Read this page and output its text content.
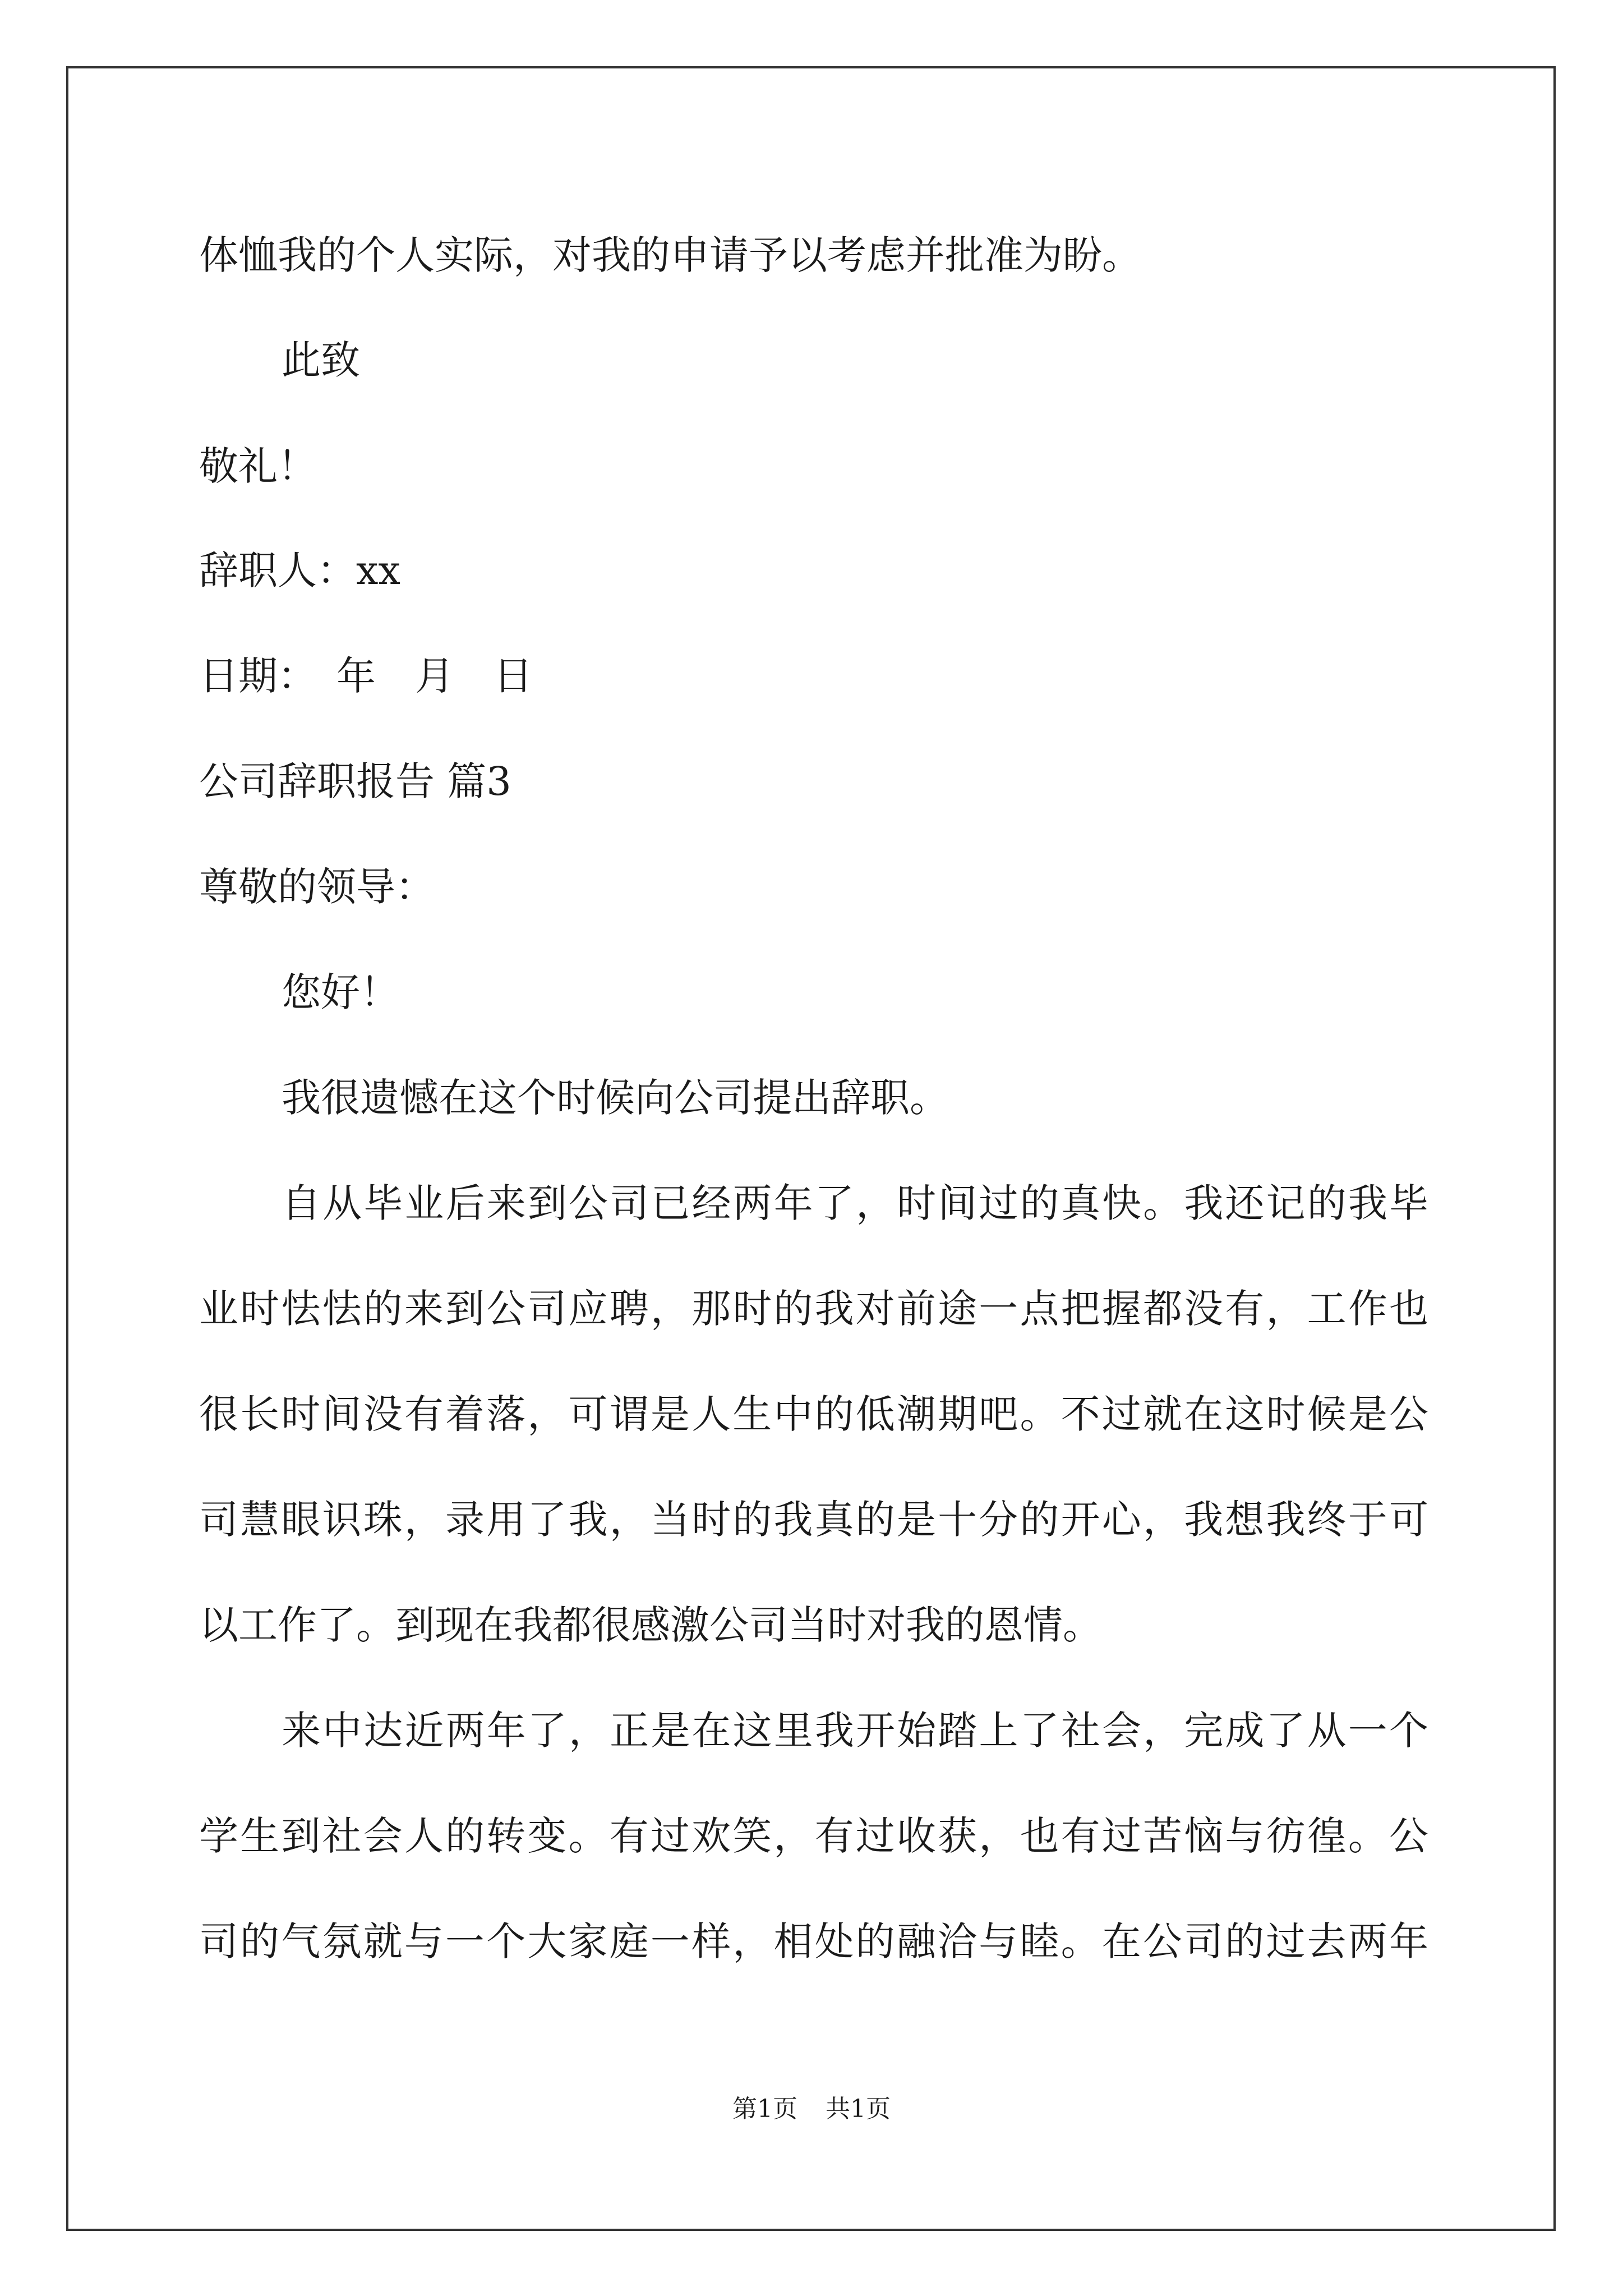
体恤我的个人实际，对我的申请予以考虑并批准为盼。
此致
敬礼！
辞职人：xx
日期：　年　月　日
公司辞职报告 篇3
尊敬的领导：
您好！
我很遗憾在这个时候向公司提出辞职。
自从毕业后来到公司已经两年了，时间过的真快。我还记的我毕
业时怯怯的来到公司应聘，那时的我对前途一点把握都没有，工作也
很长时间没有着落，可谓是人生中的低潮期吧。不过就在这时候是公
司慧眼识珠，录用了我，当时的我真的是十分的开心，我想我终于可
以工作了。到现在我都很感激公司当时对我的恩情。
来中达近两年了，正是在这里我开始踏上了社会，完成了从一个
学生到社会人的转变。有过欢笑，有过收获，也有过苦恼与彷徨。公
司的气氛就与一个大家庭一样，相处的融洽与睦。在公司的过去两年
第1页 共1页
